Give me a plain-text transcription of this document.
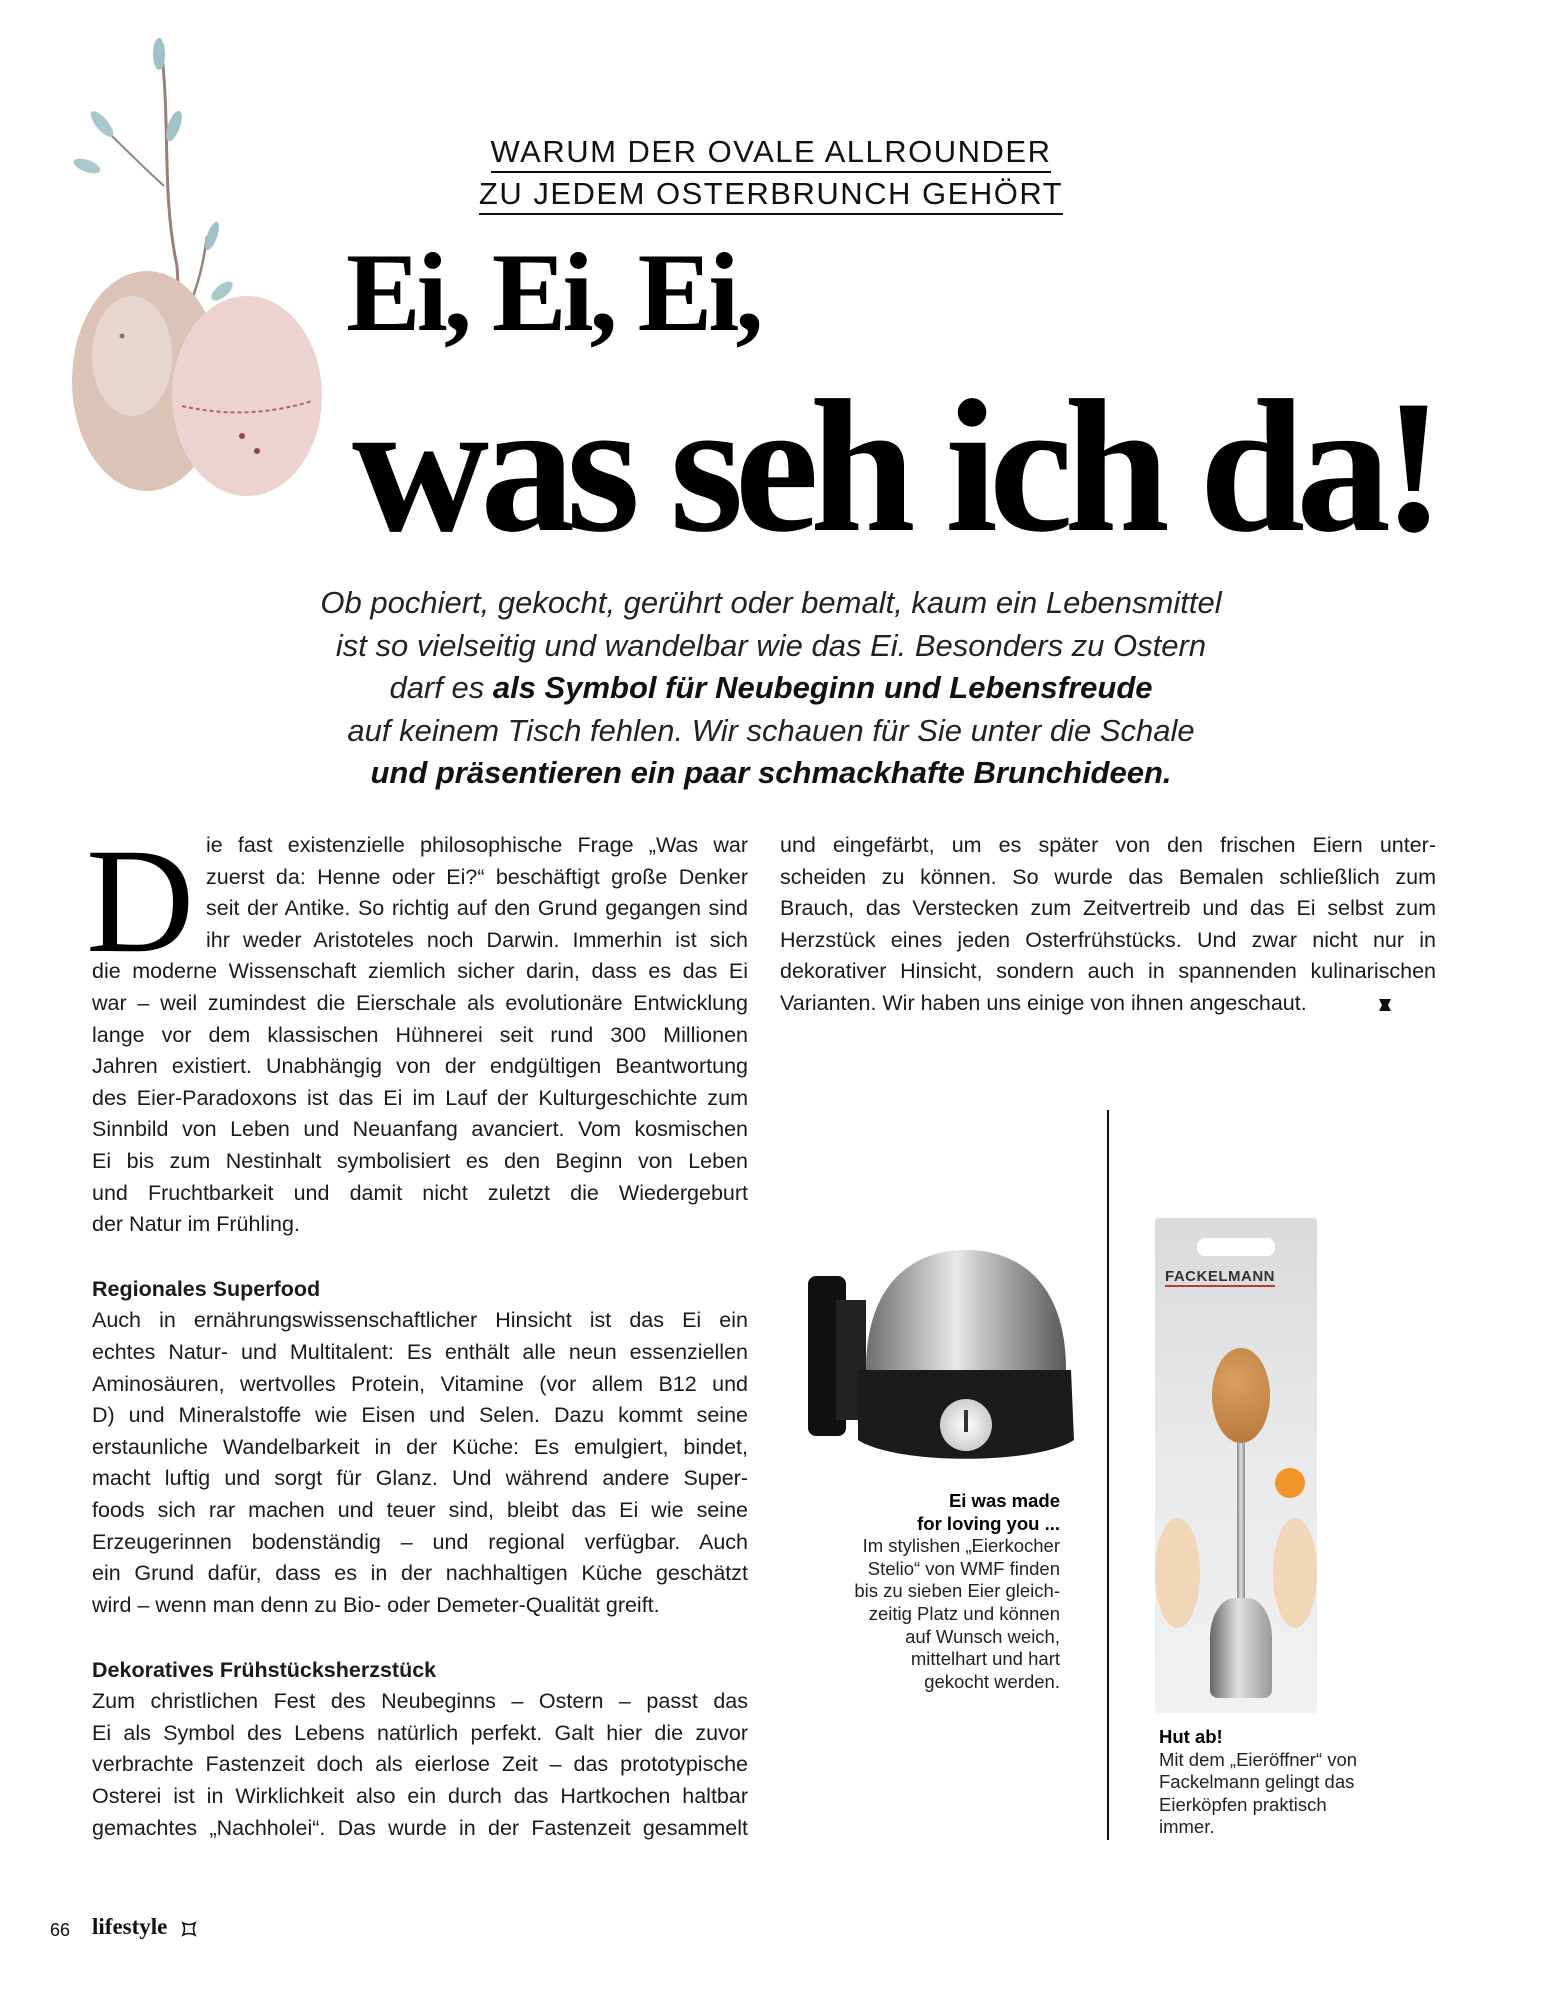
WARUM DER OVALE ALLROUNDER
ZU JEDEM OSTERBRUNCH GEHÖRT
Ei, Ei, Ei,
was seh ich da!
Ob pochiert, gekocht, gerührt oder bemalt, kaum ein Lebensmittel
ist so vielseitig und wandelbar wie das Ei. Besonders zu Ostern
darf es als Symbol für Neubeginn und Lebensfreude
auf keinem Tisch fehlen. Wir schauen für Sie unter die Schale
und präsentieren ein paar schmackhafte Brunchideen.
D ie fast existenzielle philosophische Frage „Was war
zuerst da: Henne oder Ei?“ beschäftigt große Denker
seit der Antike. So richtig auf den Grund gegangen sind
ihr weder Aristoteles noch Darwin. Immerhin ist sich
die moderne Wissenschaft ziemlich sicher darin, dass es das Ei
war – weil zumindest die Eierschale als evolutionäre Entwicklung
lange vor dem klassischen Hühnerei seit rund 300 Millionen
Jahren existiert. Unabhängig von der endgültigen Beantwortung
des Eier-Paradoxons ist das Ei im Lauf der Kulturgeschichte zum
Sinnbild von Leben und Neuanfang avanciert. Vom kosmischen
Ei bis zum Nestinhalt symbolisiert es den Beginn von Leben
und Fruchtbarkeit und damit nicht zuletzt die Wiedergeburt
der Natur im Frühling.
Regionales Superfood
Auch in ernährungswissenschaftlicher Hinsicht ist das Ei ein
echtes Natur- und Multitalent: Es enthält alle neun essenziellen
Aminosäuren, wertvolles Protein, Vitamine (vor allem B12 und
D) und Mineralstoffe wie Eisen und Selen. Dazu kommt seine
erstaunliche Wandelbarkeit in der Küche: Es emulgiert, bindet,
macht luftig und sorgt für Glanz. Und während andere Super-
foods sich rar machen und teuer sind, bleibt das Ei wie seine
Erzeugerinnen bodenständig – und regional verfügbar. Auch
ein Grund dafür, dass es in der nachhaltigen Küche geschätzt
wird – wenn man denn zu Bio- oder Demeter-Qualität greift.
Dekoratives Frühstücksherzstück
Zum christlichen Fest des Neubeginns – Ostern – passt das
Ei als Symbol des Lebens natürlich perfekt. Galt hier die zuvor
verbrachte Fastenzeit doch als eierlose Zeit – das prototypische
Osterei ist in Wirklichkeit also ein durch das Hartkochen haltbar
gemachtes „Nachholei“. Das wurde in der Fastenzeit gesammelt
und eingefärbt, um es später von den frischen Eiern unter-
scheiden zu können. So wurde das Bemalen schließlich zum
Brauch, das Verstecken zum Zeitvertreib und das Ei selbst zum
Herzstück eines jeden Osterfrühstücks. Und zwar nicht nur in
dekorativer Hinsicht, sondern auch in spannenden kulinarischen
Varianten. Wir haben uns einige von ihnen angeschaut.
Ei was made
for loving you ...
Im stylishen „Eierkocher
Stelio“ von WMF finden
bis zu sieben Eier gleich-
zeitig Platz und können
auf Wunsch weich,
mittelhart und hart
gekocht werden.
FACKELMANN
Hut ab!
Mit dem „Eieröffner“ von
Fackelmann gelingt das
Eierköpfen praktisch
immer.
66 lifestyle
